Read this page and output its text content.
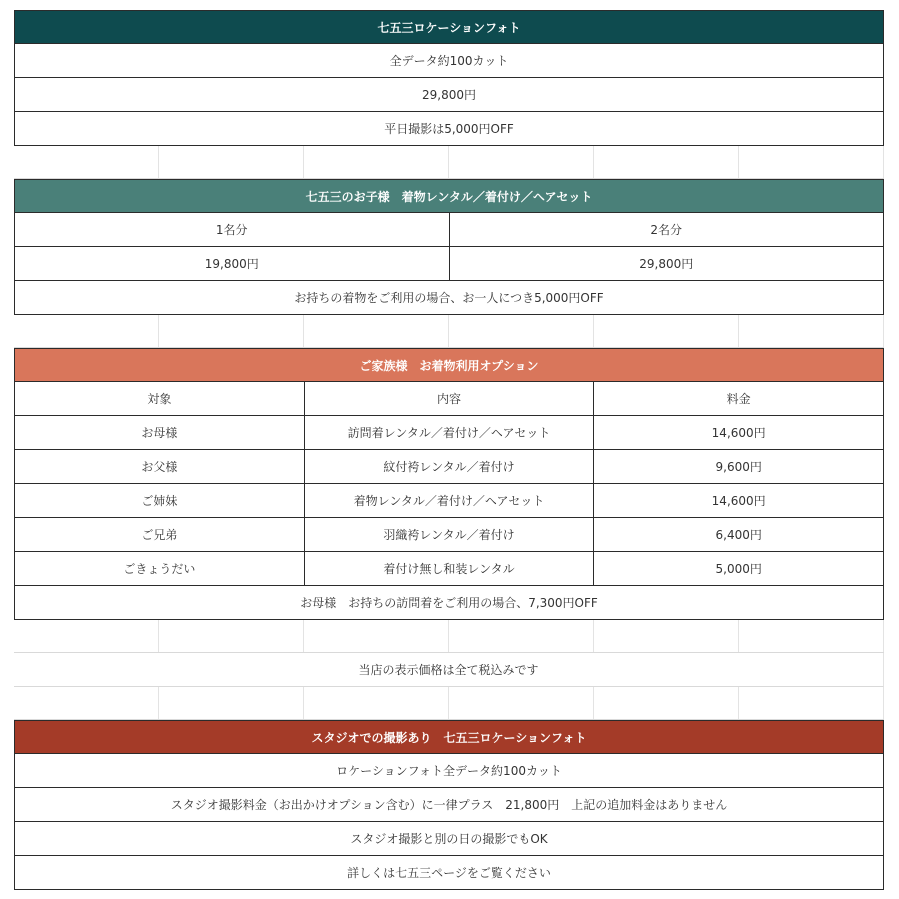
七五三ロケーションフォト
全データ約100カット
29,800円
平日撮影は5,000円OFF
七五三のお子様　着物レンタル／着付け／ヘアセット
1名分	2名分
19,800円	29,800円
お持ちの着物をご利用の場合、お一人につき5,000円OFF
ご家族様　お着物利用オプション
対象	内容	料金
お母様	訪問着レンタル／着付け／ヘアセット	14,600円
お父様	紋付袴レンタル／着付け	9,600円
ご姉妹	着物レンタル／着付け／ヘアセット	14,600円
ご兄弟	羽織袴レンタル／着付け	6,400円
ごきょうだい	着付け無し和装レンタル	5,000円
お母様　お持ちの訪問着をご利用の場合、7,300円OFF
当店の表示価格は全て税込みです
スタジオでの撮影あり　七五三ロケーションフォト
ロケーションフォト全データ約100カット
スタジオ撮影料金（お出かけオプション含む）に一律プラス　21,800円　上記の追加料金はありません
スタジオ撮影と別の日の撮影でもOK
詳しくは七五三ページをご覧ください
